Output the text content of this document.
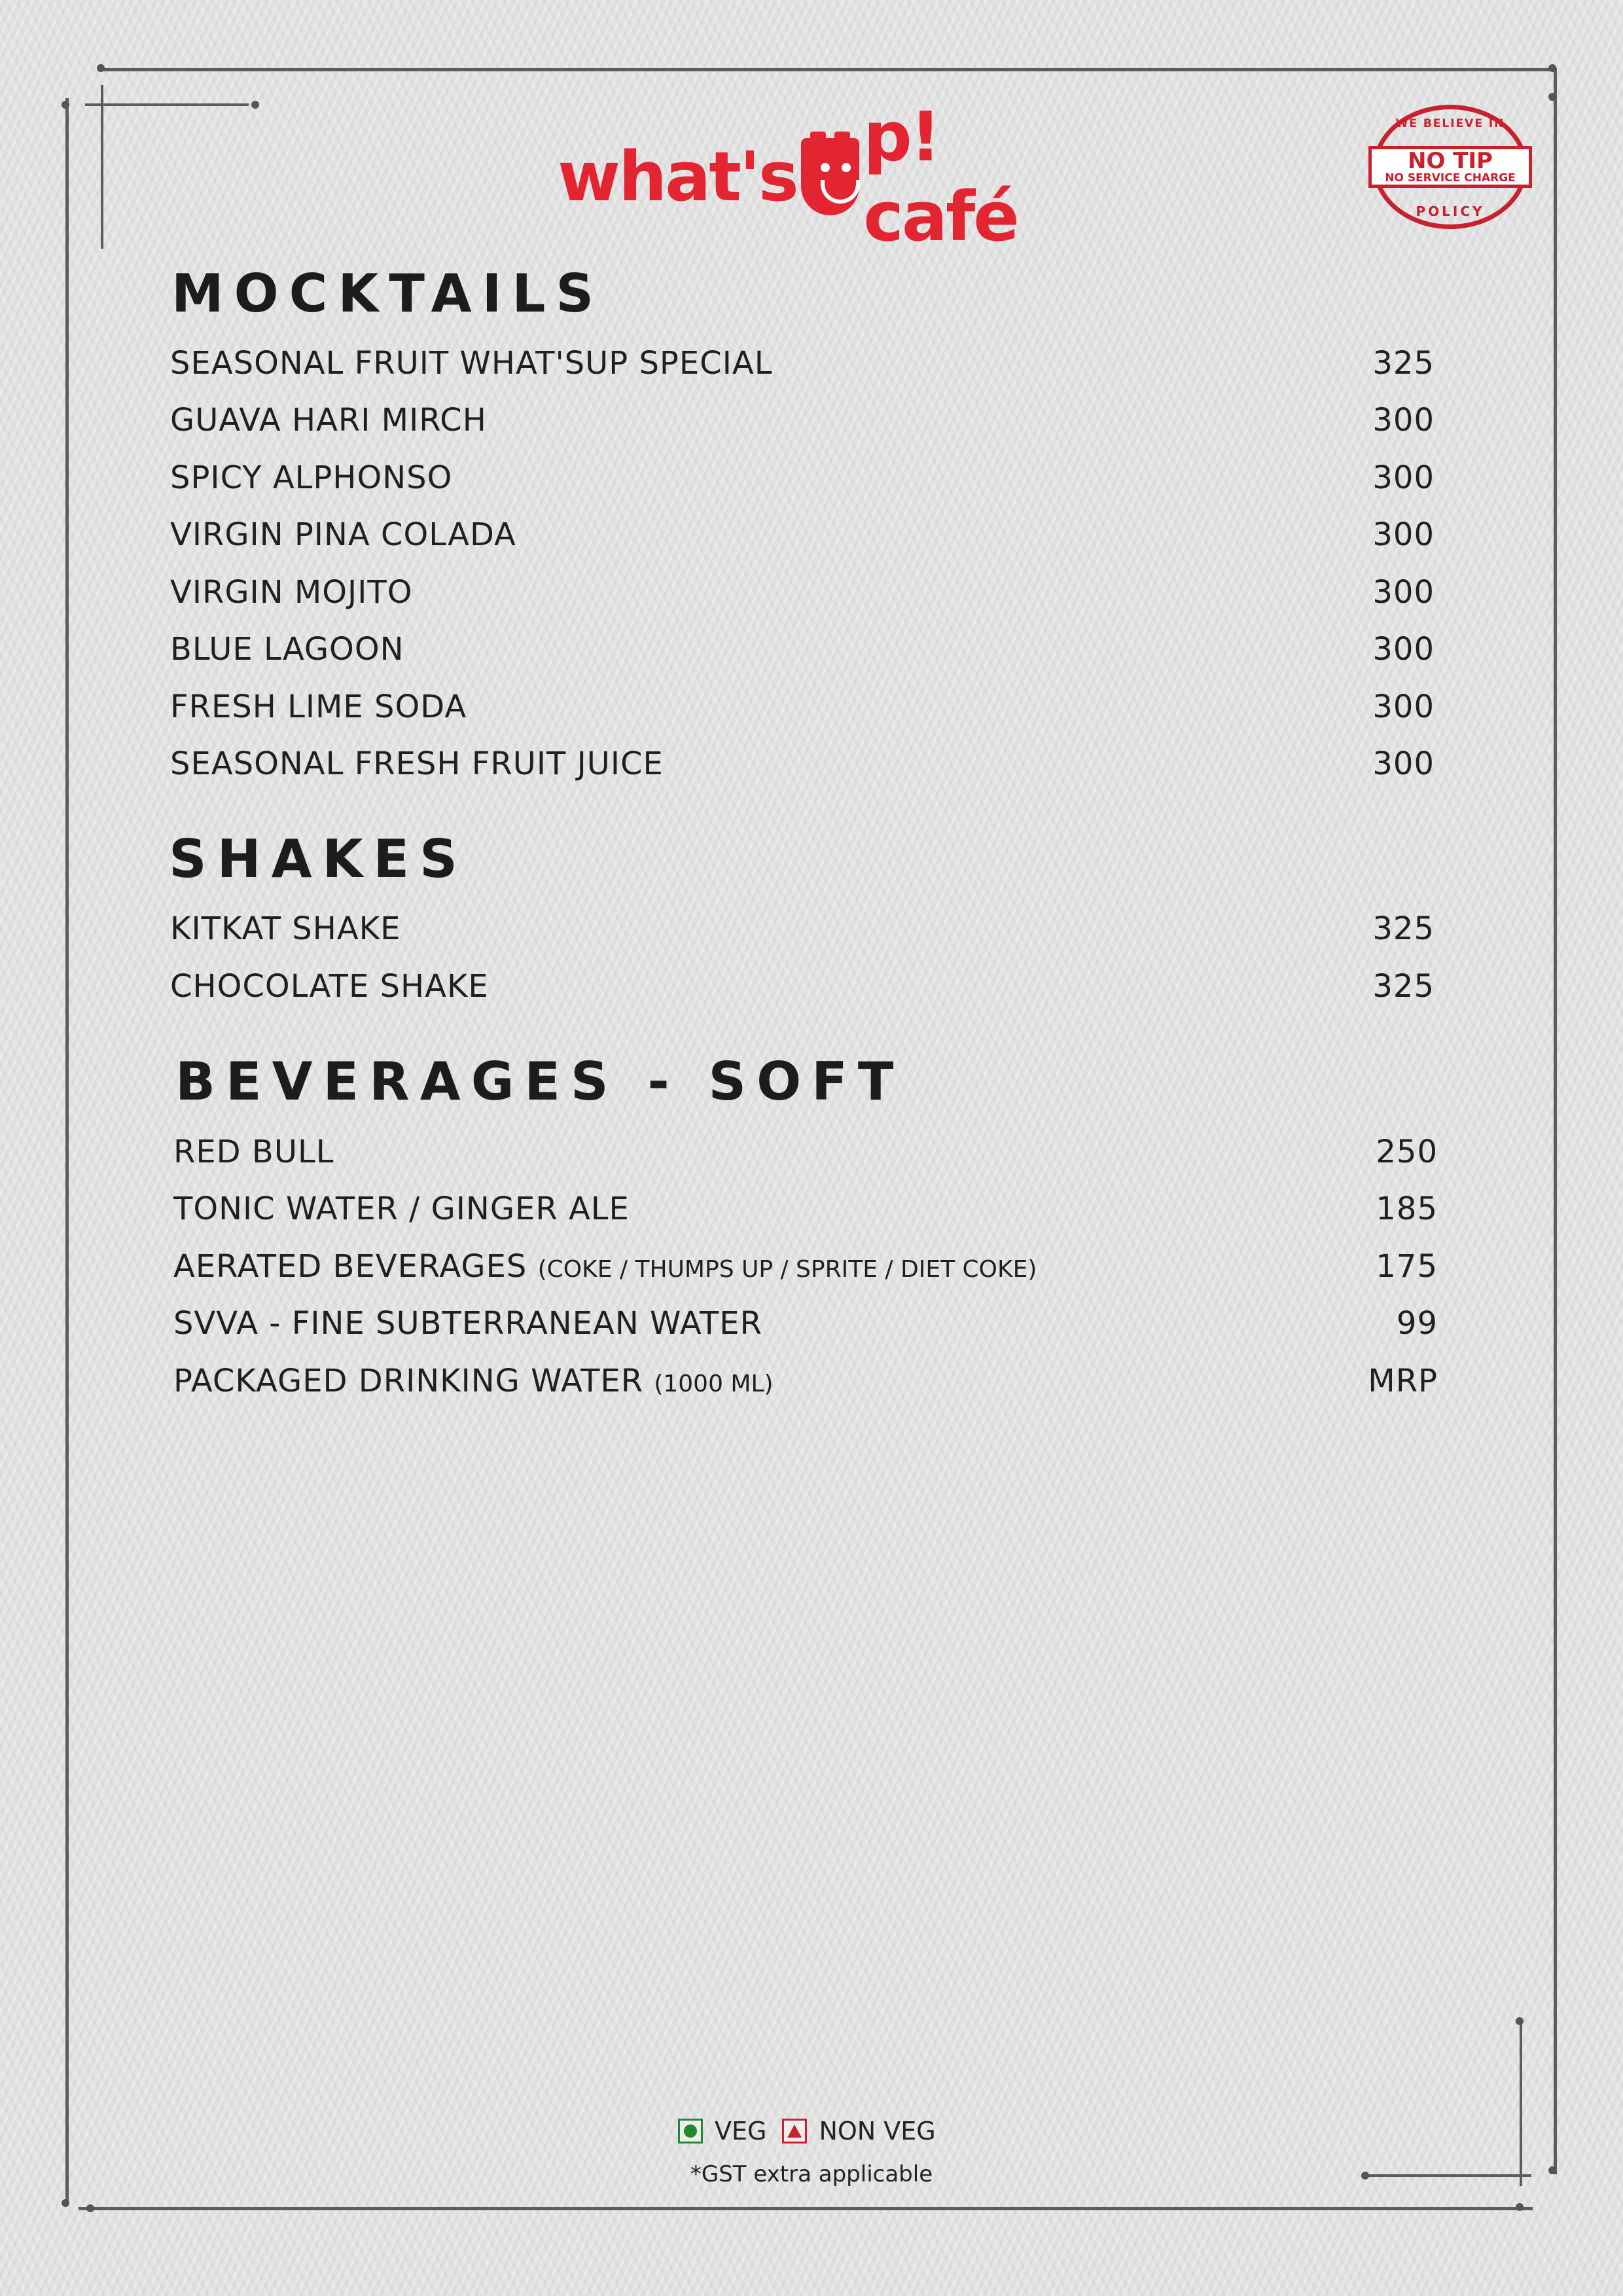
what's p! café
WE BELIEVE IN
NO TIP
NO SERVICE CHARGE
POLICY
MOCKTAILS
SEASONAL FRUIT WHAT'SUP SPECIAL	325
GUAVA HARI MIRCH	300
SPICY ALPHONSO	300
VIRGIN PINA COLADA	300
VIRGIN MOJITO	300
BLUE LAGOON	300
FRESH LIME SODA	300
SEASONAL FRESH FRUIT JUICE	300
SHAKES
KITKAT SHAKE	325
CHOCOLATE SHAKE	325
BEVERAGES - SOFT
RED BULL	250
TONIC WATER / GINGER ALE	185
AERATED BEVERAGES (COKE / THUMPS UP / SPRITE / DIET COKE)	175
SVVA - FINE SUBTERRANEAN WATER	99
PACKAGED DRINKING WATER (1000 ML)	MRP
VEG NON VEG
*GST extra applicable
